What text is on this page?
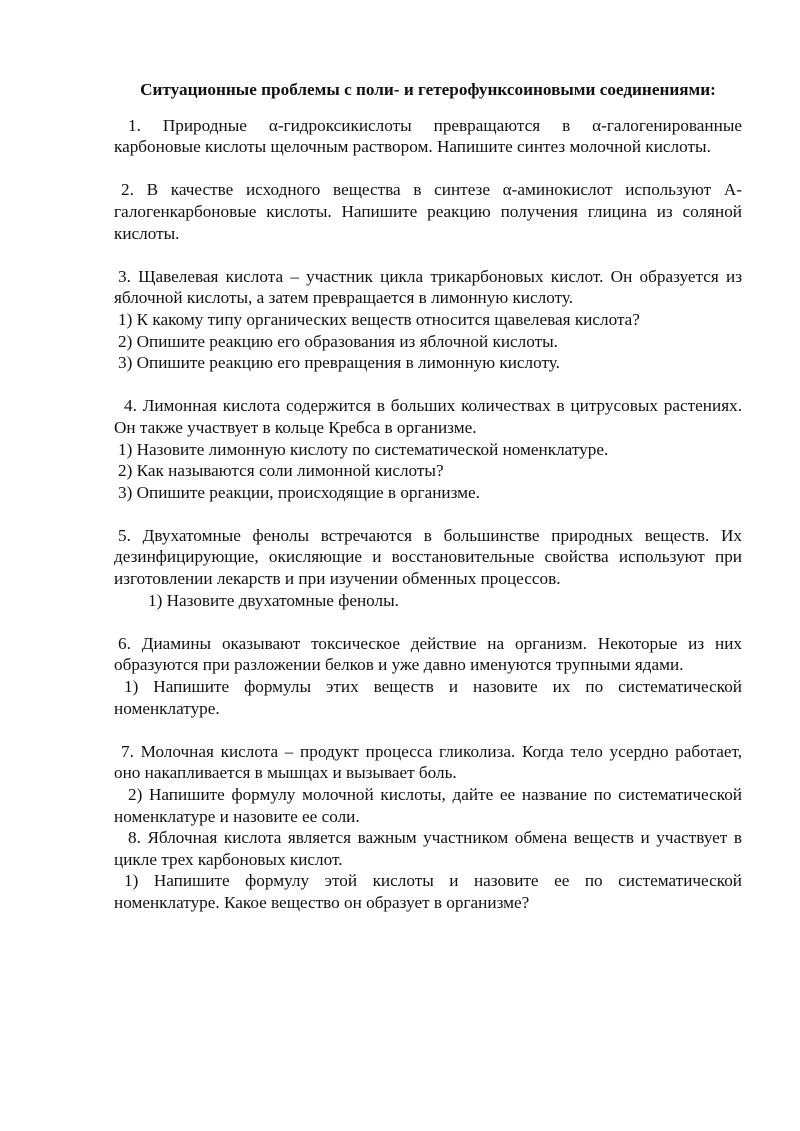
Ситуационные проблемы с поли- и гетерофунксоиновыми соединениями:

1. Природные α-гидроксикислоты превращаются в α-галогенированные карбоновые кислоты щелочным раствором. Напишите синтез молочной кислоты.

2. В качестве исходного вещества в синтезе α-аминокислот используют А-галогенкарбоновые кислоты. Напишите реакцию получения глицина из соляной кислоты.

3. Щавелевая кислота – участник цикла трикарбоновых кислот. Он образуется из яблочной кислоты, а затем превращается в лимонную кислоту.

1) К какому типу органических веществ относится щавелевая кислота?

2) Опишите реакцию его образования из яблочной кислоты.

3) Опишите реакцию его превращения в лимонную кислоту.

4. Лимонная кислота содержится в больших количествах в цитрусовых растениях. Он также участвует в кольце Кребса в организме.

1) Назовите лимонную кислоту по систематической номенклатуре.

2) Как называются соли лимонной кислоты?

3) Опишите реакции, происходящие в организме.

5. Двухатомные фенолы встречаются в большинстве природных веществ. Их дезинфицирующие, окисляющие и восстановительные свойства используют при изготовлении лекарств и при изучении обменных процессов.

1) Назовите двухатомные фенолы.

6. Диамины оказывают токсическое действие на организм. Некоторые из них образуются при разложении белков и уже давно именуются трупными ядами.

1) Напишите формулы этих веществ и назовите их по систематической номенклатуре.

7. Молочная кислота – продукт процесса гликолиза. Когда тело усердно работает, оно накапливается в мышцах и вызывает боль.

2) Напишите формулу молочной кислоты, дайте ее название по систематической номенклатуре и назовите ее соли.

8. Яблочная кислота является важным участником обмена веществ и участвует в цикле трех карбоновых кислот.

1) Напишите формулу этой кислоты и назовите ее по систематической номенклатуре. Какое вещество он образует в организме?
